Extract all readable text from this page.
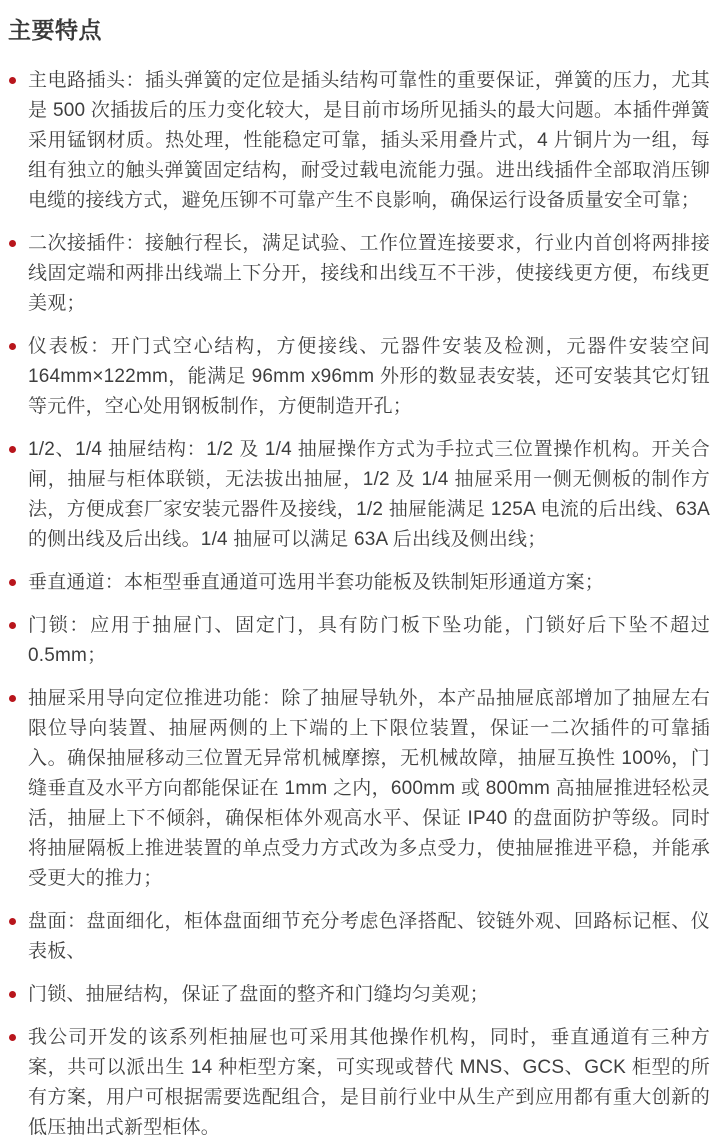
主要特点
主电路插头：插头弹簧的定位是插头结构可靠性的重要保证，弹簧的压力，尤其是 500 次插拔后的压力变化较大，是目前市场所见插头的最大问题。本插件弹簧采用锰钢材质。热处理，性能稳定可靠，插头采用叠片式，4 片铜片为一组，每组有独立的触头弹簧固定结构，耐受过载电流能力强。进出线插件全部取消压铆电缆的接线方式，避免压铆不可靠产生不良影响，确保运行设备质量安全可靠；
二次接插件：接触行程长，满足试验、工作位置连接要求，行业内首创将两排接线固定端和两排出线端上下分开，接线和出线互不干涉，使接线更方便，布线更美观；
仪表板：开门式空心结构，方便接线、元器件安装及检测，元器件安装空间 164mm×122mm，能满足 96mm x96mm 外形的数显表安装，还可安装其它灯钮等元件，空心处用钢板制作，方便制造开孔；
1/2、1/4 抽屉结构：1/2 及 1/4 抽屉操作方式为手拉式三位置操作机构。开关合闸，抽屉与柜体联锁，无法拔出抽屉，1/2 及 1/4 抽屉采用一侧无侧板的制作方法，方便成套厂家安装元器件及接线，1/2 抽屉能满足 125A 电流的后出线、63A 的侧出线及后出线。1/4 抽屉可以满足 63A 后出线及侧出线；
垂直通道：本柜型垂直通道可选用半套功能板及铁制矩形通道方案；
门锁：应用于抽屉门、固定门，具有防门板下坠功能，门锁好后下坠不超过 0.5mm；
抽屉采用导向定位推进功能：除了抽屉导轨外，本产品抽屉底部增加了抽屉左右限位导向装置、抽屉两侧的上下端的上下限位装置，保证一二次插件的可靠插入。确保抽屉移动三位置无异常机械摩擦，无机械故障，抽屉互换性 100%，门缝垂直及水平方向都能保证在 1mm 之内，600mm 或 800mm 高抽屉推进轻松灵活，抽屉上下不倾斜，确保柜体外观高水平、保证 IP40 的盘面防护等级。同时将抽屉隔板上推进装置的单点受力方式改为多点受力，使抽屉推进平稳，并能承受更大的推力；
盘面：盘面细化，柜体盘面细节充分考虑色泽搭配、铰链外观、回路标记框、仪表板、
门锁、抽屉结构，保证了盘面的整齐和门缝均匀美观；
我公司开发的该系列柜抽屉也可采用其他操作机构，同时，垂直通道有三种方案，共可以派出生 14 种柜型方案，可实现或替代 MNS、GCS、GCK 柜型的所有方案，用户可根据需要选配组合，是目前行业中从生产到应用都有重大创新的低压抽出式新型柜体。
